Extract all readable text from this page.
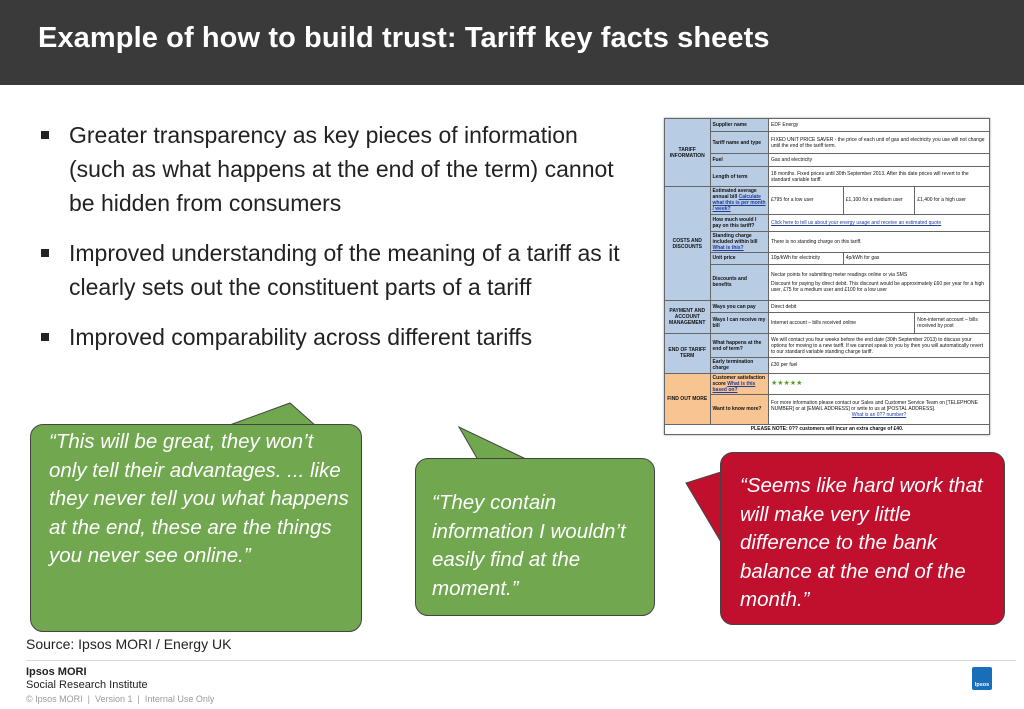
Example of how to build trust: Tariff key facts sheets
Greater transparency as key pieces of information (such as what happens at the end of the term) cannot be hidden from consumers
Improved understanding of the meaning of a tariff as it clearly sets out the constituent parts of a tariff
Improved comparability across different tariffs
TARIFF INFORMATION	Supplier name	EDF Energy		
	Tariff name and type	FIXED UNIT PRICE SAVER - the price of each unit of gas and electricity you use will not change until the end of the tariff term.		
	Fuel	Gas and electricity		
	Length of term	18 months. Fixed prices until 30th September 2013. After this date prices will revert to the standard variable tariff.		
COSTS AND DISCOUNTS	Estimated average annual bill Calculate what this is per month / week?	£795 for a low user	£1,100 for a medium user	£1,400 for a high user
	How much would I pay on this tariff?	Click here to tell us about your energy usage and receive an estimated quote		
	Standing charge included within bill What is this?	There is no standing charge on this tariff.		
	Unit price	10p/kWh for electricity	4p/kWh for gas	
	Discounts and benefits	Nectar points for submitting meter readings online or via SMS
Discount for paying by direct debit. This discount would be approximately £60 per year for a high user, £75 for a medium user and £100 for a low user		

PAYMENT AND ACCOUNT MANAGEMENT	Ways you can pay	Direct debit		
	Ways I can receive my bill	Internet account – bills received online		Non-internet account – bills received by post
END OF TARIFF TERM	What happens at the end of term?	We will contact you four weeks before the end date (30th September 2013) to discuss your options for moving to a new tariff. If we cannot speak to you by then you will automatically revert to our standard variable standing charge tariff.		
	Early termination charge	£30 per fuel		
FIND OUT MORE	Customer satisfaction score What is this based on?	★★★★★		
	Want to know more?	For more information please contact our Sales and Customer Service Team on [TELEPHONE NUMBER] or at [EMAIL ADDRESS] or write to us at [POSTAL ADDRESS].
What is an 0?? number?		

PLEASE NOTE: 0?? customers will incur an extra charge of £40.				
“This will be great, they won’t only tell their advantages. ... like they never tell you what happens at the end, these are the things you never see online.”
“They contain information I wouldn’t easily find at the moment.”
“Seems like hard work that will make very little difference to the bank balance at the end of the month.”

Source: Ipsos MORI / Energy UK

Ipsos MORI
Social Research Institute
© Ipsos MORI | Version 1 | Internal Use Only
Ipsos
